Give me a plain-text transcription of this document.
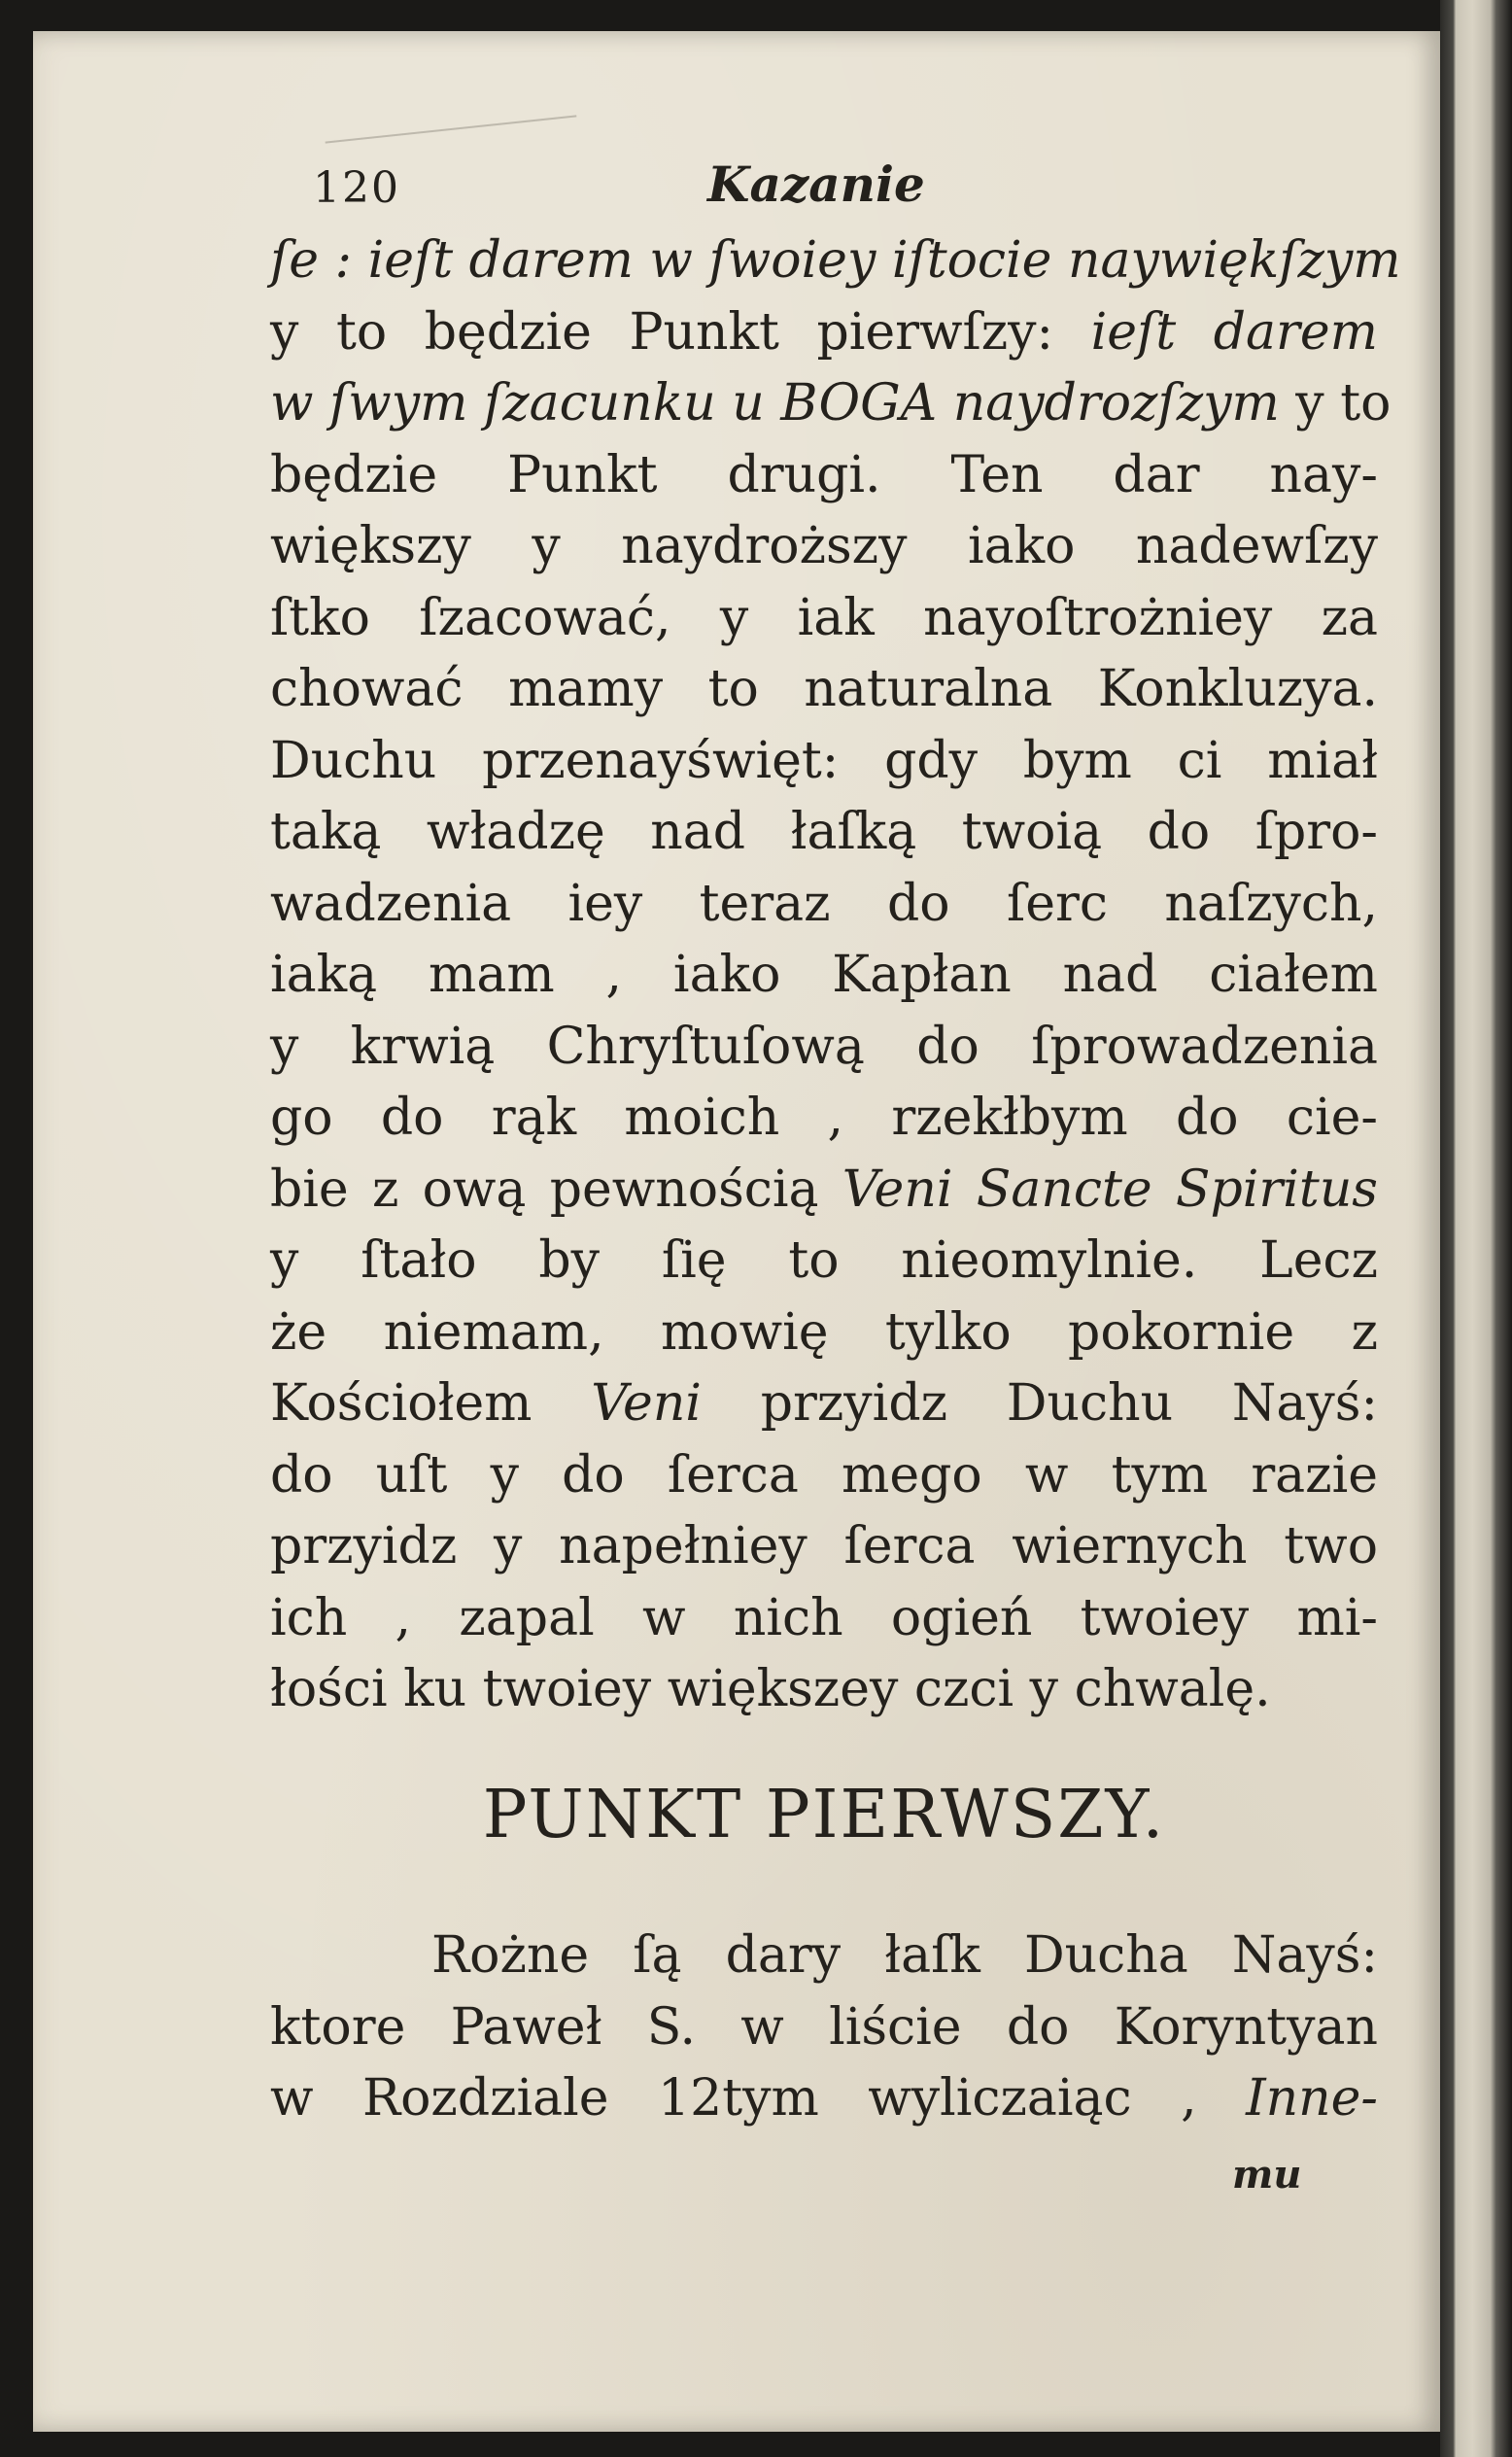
120	Kazanie
ſe : ieſt darem w ſwoiey iſtocie naywiękſzym
y to będzie Punkt pierwſzy: ieſt darem
w ſwym ſzacunku u BOGA naydrozſzym y to
będzie Punkt drugi. Ten dar nay-
większy y naydroższy iako nadewſzy
ſtko ſzacować, y iak nayoſtrożniey za
chować mamy to naturalna Konkluzya.
Duchu przenayświęt: gdy bym ci miał
taką władzę nad łaſką twoią do ſpro-
wadzenia iey teraz do ſerc naſzych,
iaką mam , iako Kapłan nad ciałem
y krwią Chryſtuſową do ſprowadzenia
go do rąk moich , rzekłbym do cie-
bie z ową pewnością Veni Sancte Spiritus
y ſtało by ſię to nieomylnie. Lecz
że niemam, mowię tylko pokornie z
Kościołem Veni przyidz Duchu Nayś:
do uſt y do ſerca mego w tym razie
przyidz y napełniey ſerca wiernych two
ich , zapal w nich ogień twoiey mi-
łości ku twoiey większey czci y chwalę.
PUNKT PIERWSZY.
Rożne ſą dary łaſk Ducha Nayś:
ktore Paweł S. w liście do Koryntyan
w Rozdziale 12tym wyliczaiąc , Inne-
mu
